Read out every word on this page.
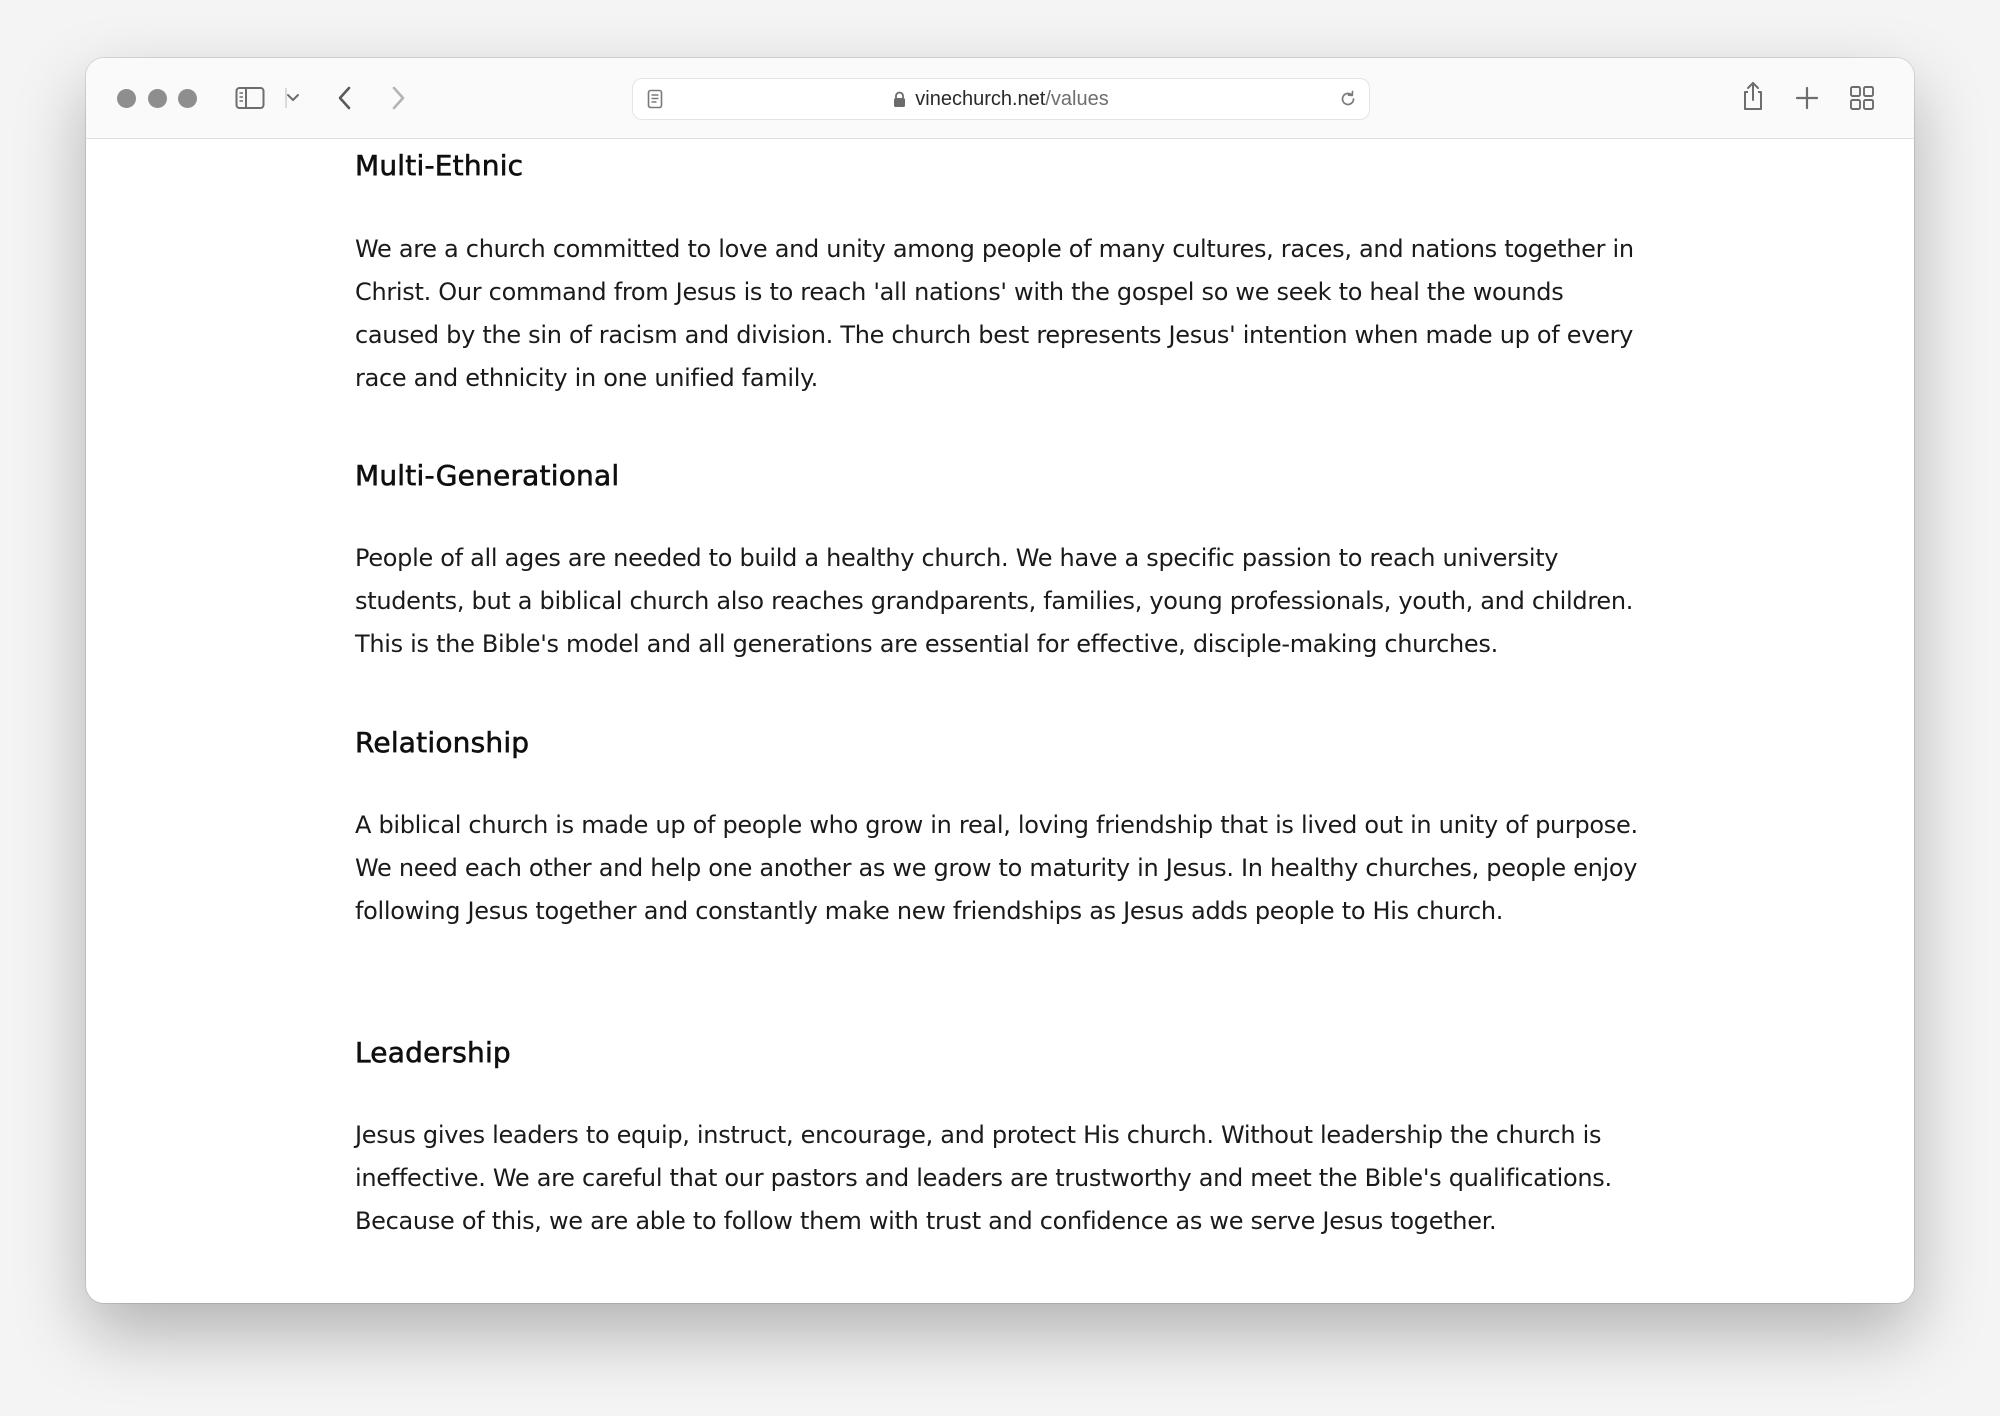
vinechurch.net /values
Multi-Ethnic

We are a church committed to love and unity among people of many cultures, races, and nations together in Christ. Our command from Jesus is to reach 'all nations' with the gospel so we seek to heal the wounds caused by the sin of racism and division. The church best represents Jesus' intention when made up of every race and ethnicity in one unified family.

Multi-Generational

People of all ages are needed to build a healthy church. We have a specific passion to reach university students, but a biblical church also reaches grandparents, families, young professionals, youth, and children. This is the Bible's model and all generations are essential for effective, disciple-making churches.

Relationship

A biblical church is made up of people who grow in real, loving friendship that is lived out in unity of purpose. We need each other and help one another as we grow to maturity in Jesus. In healthy churches, people enjoy following Jesus together and constantly make new friendships as Jesus adds people to His church.

Leadership

Jesus gives leaders to equip, instruct, encourage, and protect His church. Without leadership the church is ineffective. We are careful that our pastors and leaders are trustworthy and meet the Bible's qualifications. Because of this, we are able to follow them with trust and confidence as we serve Jesus together.
